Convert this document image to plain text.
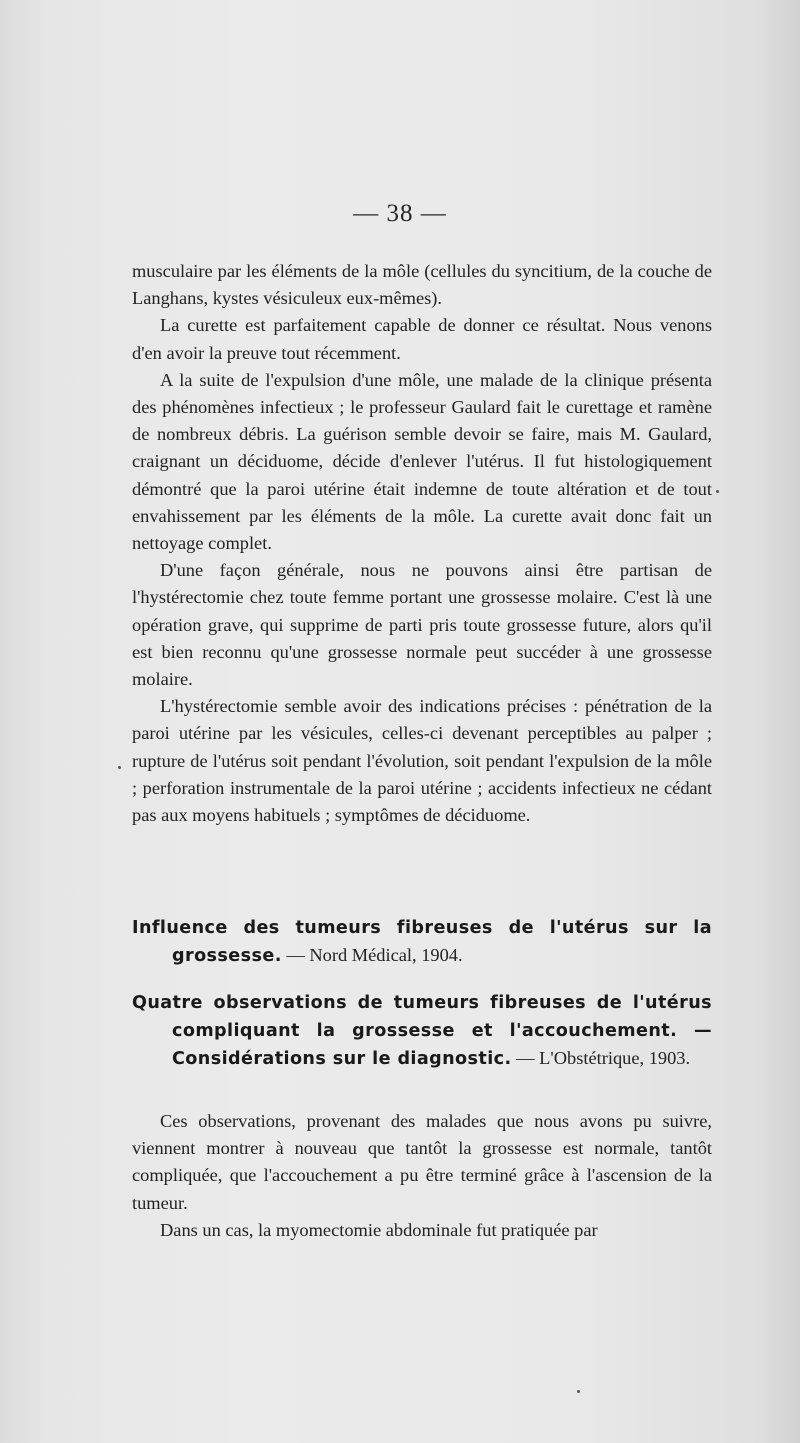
— 38 —

musculaire par les éléments de la môle (cellules du syncitium, de la couche de Langhans, kystes vésiculeux eux-mêmes).

La curette est parfaitement capable de donner ce résultat. Nous venons d'en avoir la preuve tout récemment.

A la suite de l'expulsion d'une môle, une malade de la clinique présenta des phénomènes infectieux ; le professeur Gaulard fait le curettage et ramène de nombreux débris. La guérison semble devoir se faire, mais M. Gaulard, craignant un déciduome, décide d'enlever l'utérus. Il fut histologiquement démontré que la paroi utérine était indemne de toute altération et de tout envahissement par les éléments de la môle. La curette avait donc fait un nettoyage complet.

D'une façon générale, nous ne pouvons ainsi être partisan de l'hystérectomie chez toute femme portant une grossesse molaire. C'est là une opération grave, qui supprime de parti pris toute grossesse future, alors qu'il est bien reconnu qu'une grossesse normale peut succéder à une grossesse molaire.

L'hystérectomie semble avoir des indications précises : pénétration de la paroi utérine par les vésicules, celles-ci devenant perceptibles au palper ; rupture de l'utérus soit pendant l'évolution, soit pendant l'expulsion de la môle ; perforation instrumentale de la paroi utérine ; accidents infectieux ne cédant pas aux moyens habituels ; symptômes de déciduome.

Influence des tumeurs fibreuses de l'utérus sur la grossesse. — Nord Médical, 1904.
Quatre observations de tumeurs fibreuses de l'utérus compliquant la grossesse et l'accouchement. — Considérations sur le diagnostic. — L'Obstétrique, 1903.

Ces observations, provenant des malades que nous avons pu suivre, viennent montrer à nouveau que tantôt la grossesse est normale, tantôt compliquée, que l'accouchement a pu être terminé grâce à l'ascension de la tumeur.

Dans un cas, la myomectomie abdominale fut pratiquée par
